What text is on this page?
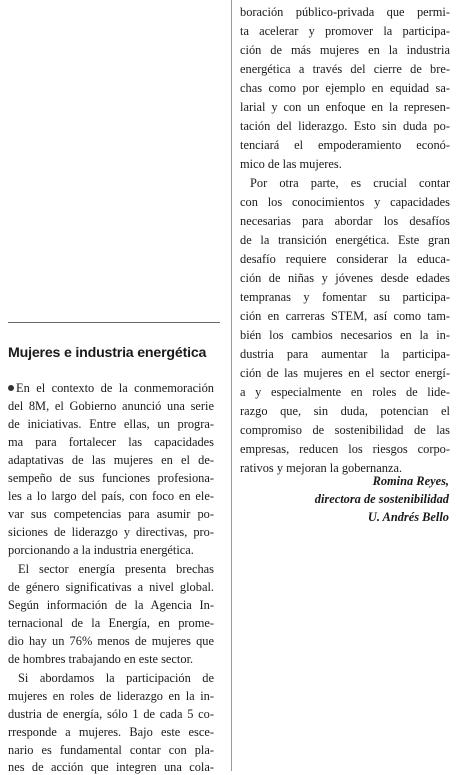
Mujeres e industria energética
En el contexto de la conmemoración
del 8M, el Gobierno anunció una serie
de iniciativas. Entre ellas, un progra-
ma para fortalecer las capacidades
adaptativas de las mujeres en el de-
sempeño de sus funciones profesiona-
les a lo largo del país, con foco en ele-
var sus competencias para asumir po-
siciones de liderazgo y directivas, pro-
porcionando a la industria energética.
El sector energía presenta brechas
de género significativas a nivel global.
Según información de la Agencia In-
ternacional de la Energía, en prome-
dio hay un 76% menos de mujeres que
de hombres trabajando en este sector.
Si abordamos la participación de
mujeres en roles de liderazgo en la in-
dustria de energía, sólo 1 de cada 5 co-
rresponde a mujeres. Bajo este esce-
nario es fundamental contar con pla-
nes de acción que integren una cola-
boración público-privada que permi-
ta acelerar y promover la participa-
ción de más mujeres en la industria
energética a través del cierre de bre-
chas como por ejemplo en equidad sa-
larial y con un enfoque en la represen-
tación del liderazgo. Esto sin duda po-
tenciará el empoderamiento econó-
mico de las mujeres.
Por otra parte, es crucial contar
con los conocimientos y capacidades
necesarias para abordar los desafíos
de la transición energética. Este gran
desafío requiere considerar la educa-
ción de niñas y jóvenes desde edades
tempranas y fomentar su participa-
ción en carreras STEM, así como tam-
bién los cambios necesarios en la in-
dustria para aumentar la participa-
ción de las mujeres en el sector energí-
a y especialmente en roles de lide-
razgo que, sin duda, potencian el
compromiso de sostenibilidad de las
empresas, reducen los riesgos corpo-
rativos y mejoran la gobernanza.
Romina Reyes,
directora de sostenibilidad
U. Andrés Bello
